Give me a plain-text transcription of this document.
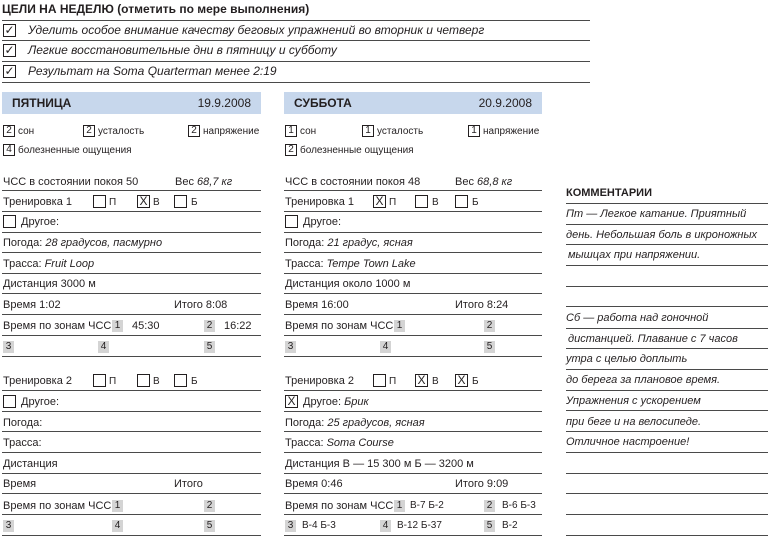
ЦЕЛИ НА НЕДЕЛЮ (отметить по мере выполнения)
✓ Уделить особое внимание качеству беговых упражнений во вторник и четверг
✓ Легкие восстановительные дни в пятницу и субботу
✓ Результат на Soma Quarterman менее 2:19
ПЯТНИЦА	19.9.2008
2 сон	2 усталость	2 напряжение
4 болезненные ощущения
ЧСС в состоянии покоя 50	Вес 68,7 кг
Тренировка 1	П X В	Б
Другое:
Погода: 28 градусов, пасмурно
Трасса: Fruit Loop
Дистанция 3000 м
Время 1:02	Итого 8:08
Время по зонам ЧСС 1 45:30	2 16:22
3	4	5
Тренировка 2	П	В	Б
Другое:
Погода:
Трасса:
Дистанция
Время	Итого
Время по зонам ЧСС 1	2
3	4	5
СУББОТА	20.9.2008
1 сон	1 усталость	1 напряжение
2 болезненные ощущения
ЧСС в состоянии покоя 48	Вес 68,8 кг
Тренировка 1 X П	В	Б
Другое:
Погода: 21 градус, ясная
Трасса: Tempe Town Lake
Дистанция около 1000 м
Время 16:00	Итого 8:24
Время по зонам ЧСС 1	2
3	4	5
Тренировка 2	П X В X Б
X Другое: Брик
Погода: 25 градусов, ясная
Трасса: Soma Course
Дистанция В — 15 300 м Б — 3200 м
Время 0:46	Итого 9:09
Время по зонам ЧСС 1 В-7 Б-2	2 В-6 Б-3
3 В-4 Б-3	4 В-12 Б-37	5 В-2
КОММЕНТАРИИ
Пт — Легкое катание. Приятный
день. Небольшая боль в икроножных
мышцах при напряжении.
Сб — работа над гоночной
дистанцией. Плавание с 7 часов
утра с целью доплыть
до берега за плановое время.
Упражнения с ускорением
при беге и на велосипеде.
Отличное настроение!
